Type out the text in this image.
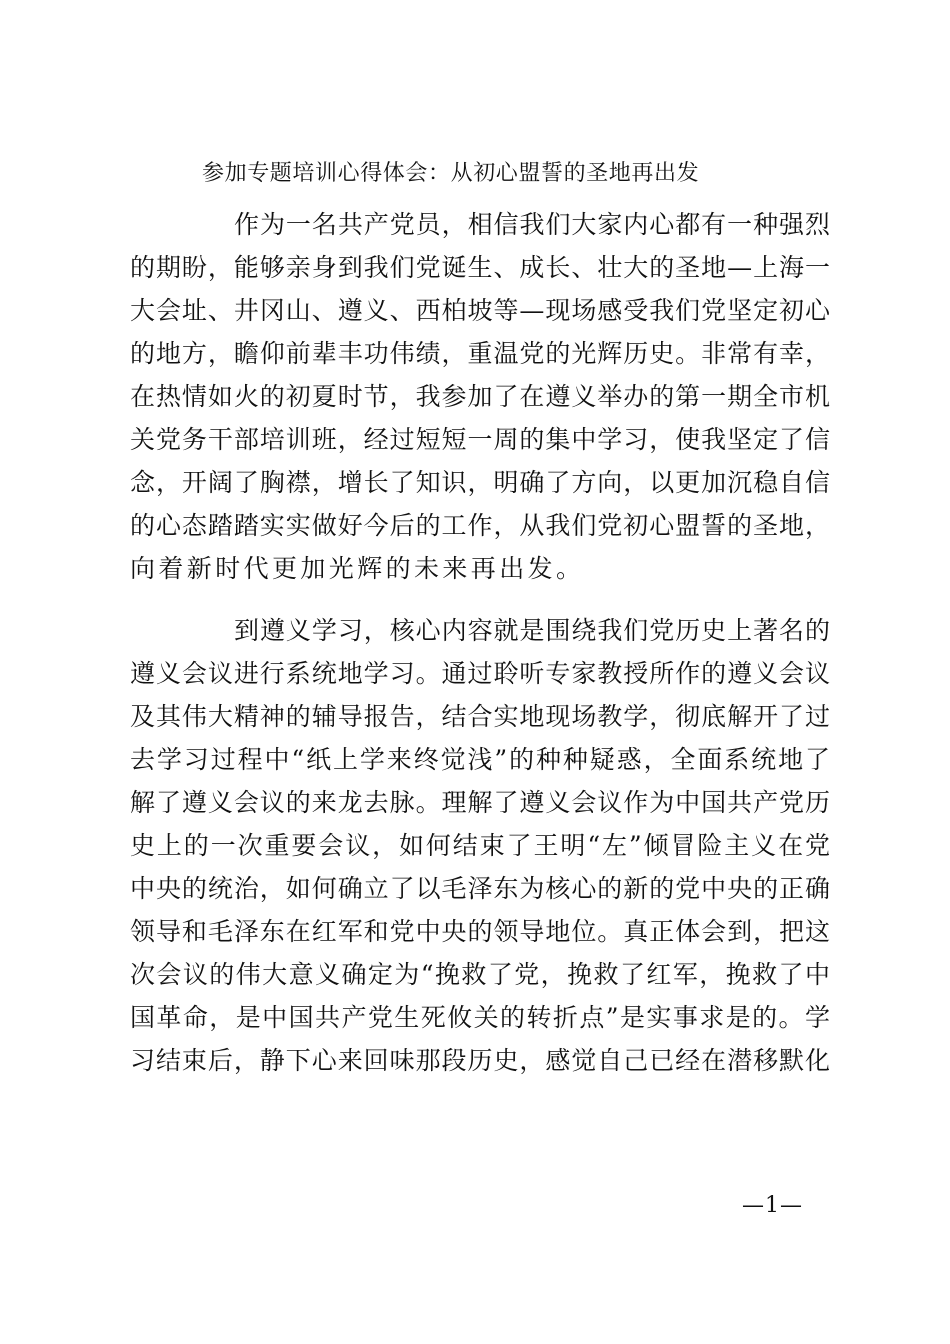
参加专题培训心得体会：从初心盟誓的圣地再出发
作为一名共产党员，相信我们大家内心都有一种强烈
的期盼，能够亲身到我们党诞生、成长、壮大的圣地—上海一
大会址、井冈山、遵义、西柏坡等—现场感受我们党坚定初心
的地方，瞻仰前辈丰功伟绩，重温党的光辉历史。非常有幸，
在热情如火的初夏时节，我参加了在遵义举办的第一期全市机
关党务干部培训班，经过短短一周的集中学习，使我坚定了信
念，开阔了胸襟，增长了知识，明确了方向，以更加沉稳自信
的心态踏踏实实做好今后的工作，从我们党初心盟誓的圣地，
向着新时代更加光辉的未来再出发。
到遵义学习，核心内容就是围绕我们党历史上著名的
遵义会议进行系统地学习。通过聆听专家教授所作的遵义会议
及其伟大精神的辅导报告，结合实地现场教学，彻底解开了过
去学习过程中“纸上学来终觉浅”的种种疑惑，全面系统地了
解了遵义会议的来龙去脉。理解了遵义会议作为中国共产党历
史上的一次重要会议，如何结束了王明“左”倾冒险主义在党
中央的统治，如何确立了以毛泽东为核心的新的党中央的正确
领导和毛泽东在红军和党中央的领导地位。真正体会到，把这
次会议的伟大意义确定为“挽救了党，挽救了红军，挽救了中
国革命，是中国共产党生死攸关的转折点”是实事求是的。学
习结束后，静下心来回味那段历史，感觉自己已经在潜移默化
—1—
